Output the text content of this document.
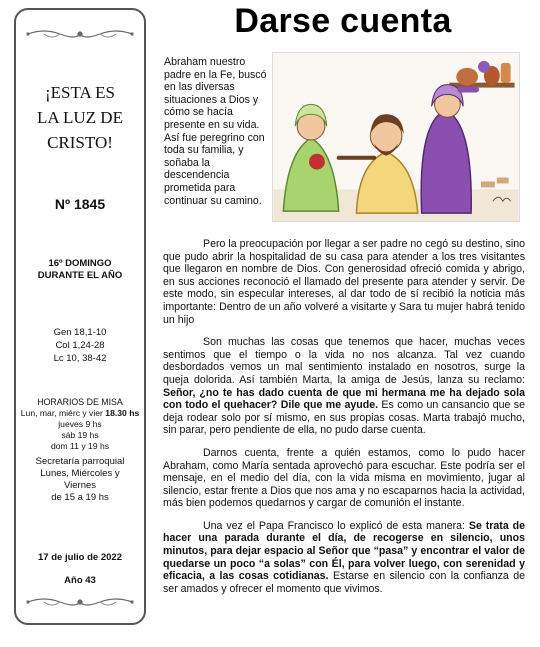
¡ESTA ES
LA LUZ DE
CRISTO!
Nº 1845
16º DOMINGO
DURANTE EL AÑO
Gen 18,1-10
Col 1,24-28
Lc 10, 38-42
HORARIOS DE MISA
Lun, mar, miérc y vier 18.30 hs
jueves 9 hs
sáb 19 hs
dom 11 y 19 hs
Secretaría parroquial
Lunes, Miércoles y
Viernes
de 15 a 19 hs
17 de julio de 2022
Año 43
Darse cuenta
Abraham nuestro padre en la Fe, buscó en las diversas situaciones a Dios y cómo se hacía presente en su vida. Así fue peregrino con toda su familia, y soñaba la descendencia prometida para continuar su camino.

Pero la preocupación por llegar a ser padre no cegó su destino, sino que pudo abrir la hospitalidad de su casa para atender a los tres visitantes que llegaron en nombre de Dios. Con generosidad ofreció comida y abrigo, en sus acciones reconoció el llamado del presente para atender y servir. De este modo, sin especular intereses, al dar todo de sí recibió la noticia más importante: Dentro de un año volveré a visitarte y Sara tu mujer habrá tenido un hijo

Son muchas las cosas que tenemos que hacer, muchas veces sentimos que el tiempo o la vida no nos alcanza. Tal vez cuando desbordados vemos un mal sentimiento instalado en nosotros, surge la queja dolorida. Así también Marta, la amiga de Jesús, lanza su reclamo: Señor, ¿no te has dado cuenta de que mi hermana me ha dejado sola con todo el quehacer? Dile que me ayude. Es como un cansancio que se deja rodear solo por sí mismo, en sus propias cosas. Marta trabajó mucho, sin parar, pero pendiente de ella, no pudo darse cuenta.

Darnos cuenta, frente a quién estamos, como lo pudo hacer Abraham, como María sentada aprovechó para escuchar. Este podría ser el mensaje, en el medio del día, con la vida misma en movimiento, jugar al silencio, estar frente a Dios que nos ama y no escaparnos hacia la actividad, más bien podemos quedarnos y cargar de comunión el instante.

Una vez el Papa Francisco lo explicó de esta manera: Se trata de hacer una parada durante el día, de recogerse en silencio, unos minutos, para dejar espacio al Señor que “pasa” y encontrar el valor de quedarse un poco “a solas” con Él, para volver luego, con serenidad y eficacia, a las cosas cotidianas. Estarse en silencio con la confianza de ser amados y ofrecer el momento que vivimos.
